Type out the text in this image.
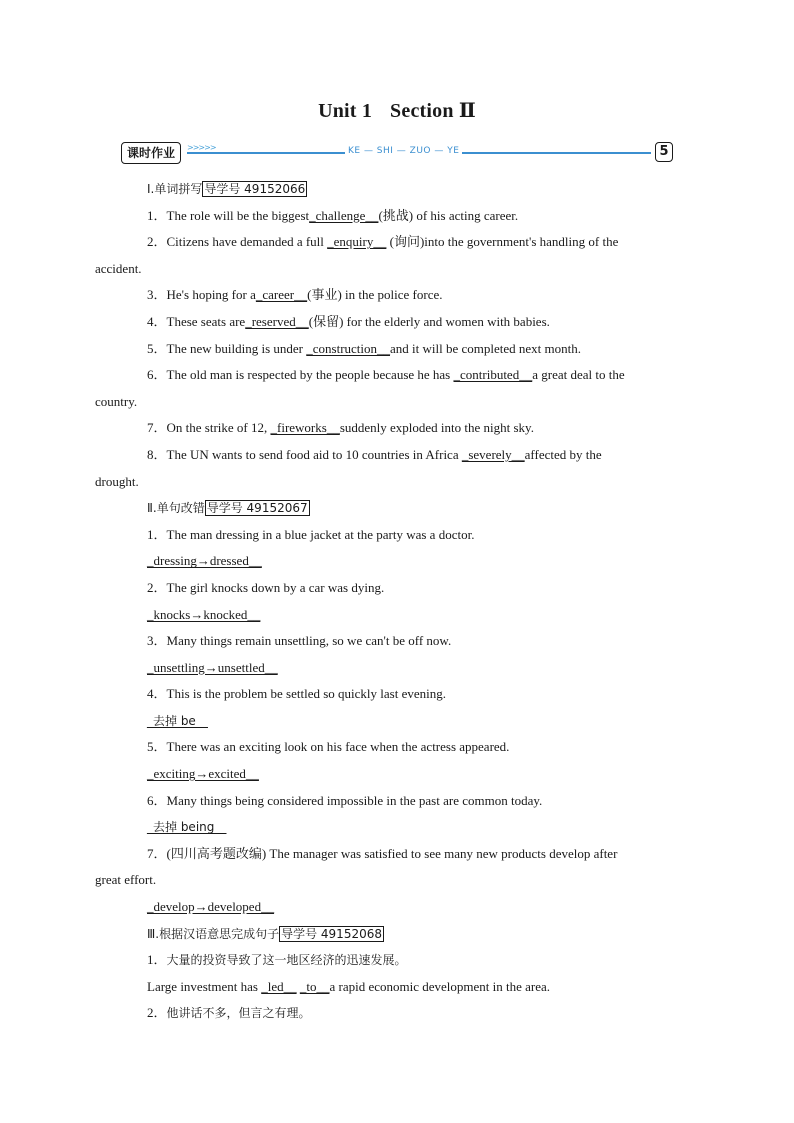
Unit 1 Section Ⅱ
课时作业	>>>>>	KE — SHI — ZUO — YE	5
Ⅰ.单词拼写 导学号 49152066
1．The role will be the biggest_challenge__(挑战) of his acting career.
2．Citizens have demanded a full _enquiry__ (询问)into the government's handling of the
accident.
3．He's hoping for a_career__(事业) in the police force.
4．These seats are_reserved__(保留) for the elderly and women with babies.
5．The new building is under _construction__and it will be completed next month.
6．The old man is respected by the people because he has _contributed__a great deal to the
country.
7．On the strike of 12, _fireworks__suddenly exploded into the night sky.
8．The UN wants to send food aid to 10 countries in Africa _severely__affected by the
drought.
Ⅱ.单句改错 导学号 49152067
1．The man dressing in a blue jacket at the party was a doctor.
_dressing→dressed__
2．The girl knocks down by a car was dying.
_knocks→knocked__
3．Many things remain unsettling, so we can't be off now.
_unsettling→unsettled__
4．This is the problem be settled so quickly last evening.
_去掉 be__
5．There was an exciting look on his face when the actress appeared.
_exciting→excited__
6．Many things being considered impossible in the past are common today.
_去掉 being__
7．(四川高考题改编) The manager was satisfied to see many new products develop after
great effort.
_develop→developed__
Ⅲ.根据汉语意思完成句子 导学号 49152068
1．大量的投资导致了这一地区经济的迅速发展。
Large investment has _led__ _to__a rapid economic development in the area.
2．他讲话不多，但言之有理。
